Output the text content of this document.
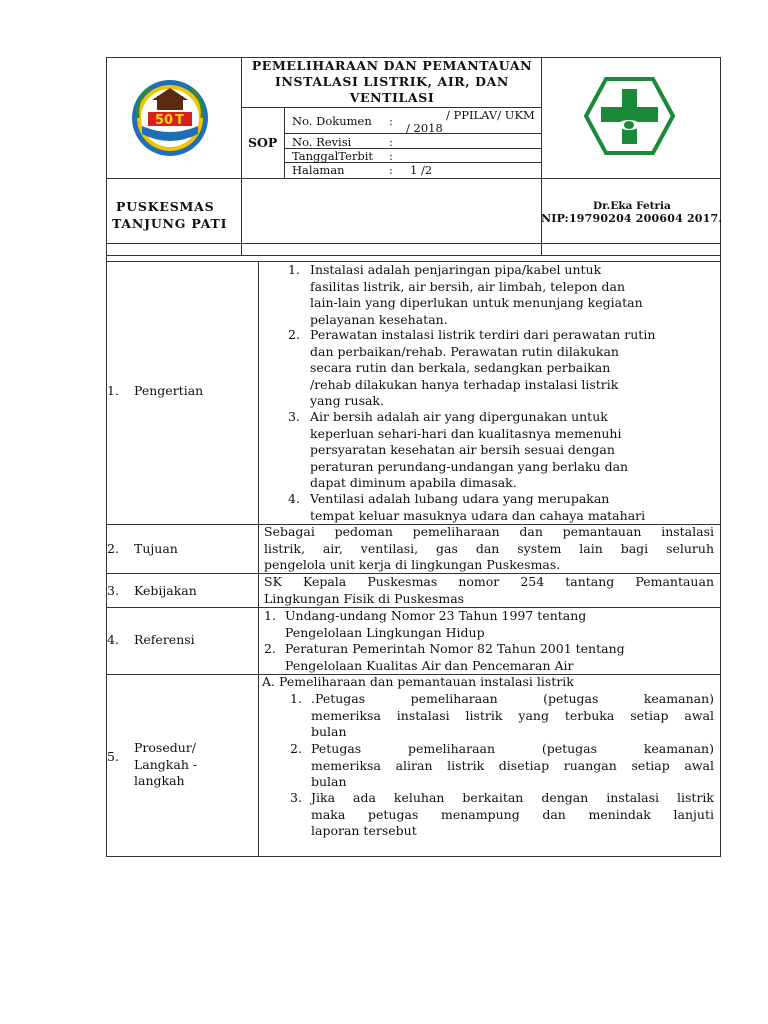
50 T
PEMELIHARAAN DAN PEMANTAUAN
INSTALASI LISTRIK, AIR, DAN
VENTILASI
SOP
No. Dokumen :	/ PPILAV/ UKM
/ 2018
No. Revisi	:
TanggalTerbit :
Halaman	: 1 /2
PUSKESMAS
TANJUNG PATI
Dr.Eka Fetria
NIP:19790204 200604 2017.
1. Pengertian
1. Instalasi adalah penjaringan pipa/kabel untuk
fasilitas listrik, air bersih, air limbah, telepon dan
lain-lain yang diperlukan untuk menunjang kegiatan
pelayanan kesehatan.
2. Perawatan instalasi listrik terdiri dari perawatan rutin
dan perbaikan/rehab. Perawatan rutin dilakukan
secara rutin dan berkala, sedangkan perbaikan
/rehab dilakukan hanya terhadap instalasi listrik
yang rusak.
3. Air bersih adalah air yang dipergunakan untuk
keperluan sehari-hari dan kualitasnya memenuhi
persyaratan kesehatan air bersih sesuai dengan
peraturan perundang-undangan yang berlaku dan
dapat diminum apabila dimasak.
4. Ventilasi adalah lubang udara yang merupakan
tempat keluar masuknya udara dan cahaya matahari
2. Tujuan
Sebagai pedoman pemeliharaan dan pemantauan instalasi
listrik, air, ventilasi, gas dan system lain bagi seluruh
pengelola unit kerja di lingkungan Puskesmas.
3. Kebijakan
SK Kepala Puskesmas nomor 254 tantang Pemantauan
Lingkungan Fisik di Puskesmas
4. Referensi
1. Undang-undang Nomor 23 Tahun 1997 tentang
Pengelolaan Lingkungan Hidup
2. Peraturan Pemerintah Nomor 82 Tahun 2001 tentang
Pengelolaan Kualitas Air dan Pencemaran Air
5.
Prosedur/
Langkah -
langkah
A. Pemeliharaan dan pemantauan instalasi listrik
1. .Petugas pemeliharaan (petugas keamanan)
memeriksa instalasi listrik yang terbuka setiap awal
bulan
2. Petugas pemeliharaan (petugas keamanan)
memeriksa aliran listrik disetiap ruangan setiap awal
bulan
3. Jika ada keluhan berkaitan dengan instalasi listrik
maka petugas menampung dan menindak lanjuti
laporan tersebut
